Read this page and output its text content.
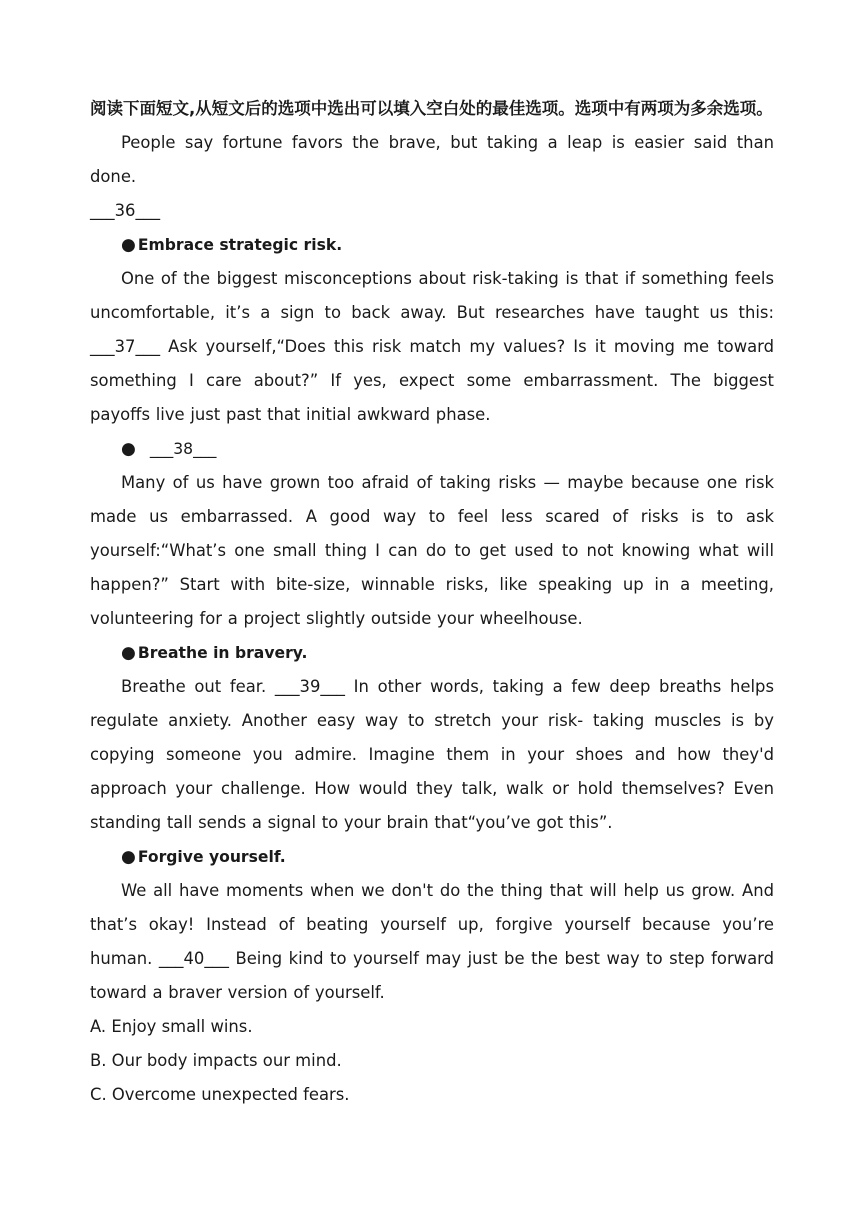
阅读下面短文,从短文后的选项中选出可以填入空白处的最佳选项。选项中有两项为多余选项。

People say fortune favors the brave, but taking a leap is easier said than done.
___36___

● Embrace strategic risk.

One of the biggest misconceptions about risk-taking is that if something feels uncomfortable, it’s a sign to back away. But researches have taught us this: ___37___ Ask yourself,“Does this risk match my values? Is it moving me toward something I care about?” If yes, expect some embarrassment. The biggest payoffs live just past that initial awkward phase.

● ___38___

Many of us have grown too afraid of taking risks — maybe because one risk made us embarrassed. A good way to feel less scared of risks is to ask yourself:“What’s one small thing I can do to get used to not knowing what will happen?” Start with bite-size, winnable risks, like speaking up in a meeting, volunteering for a project slightly outside your wheelhouse.

● Breathe in bravery.

Breathe out fear. ___39___ In other words, taking a few deep breaths helps regulate anxiety. Another easy way to stretch your risk- taking muscles is by copying someone you admire. Imagine them in your shoes and how they'd approach your challenge. How would they talk, walk or hold themselves? Even standing tall sends a signal to your brain that“you’ve got this”.

● Forgive yourself.

We all have moments when we don't do the thing that will help us grow. And that’s okay! Instead of beating yourself up, forgive yourself because you’re human. ___40___ Being kind to yourself may just be the best way to step forward toward a braver version of yourself.

A. Enjoy small wins.

B. Our body impacts our mind.

C. Overcome unexpected fears.
